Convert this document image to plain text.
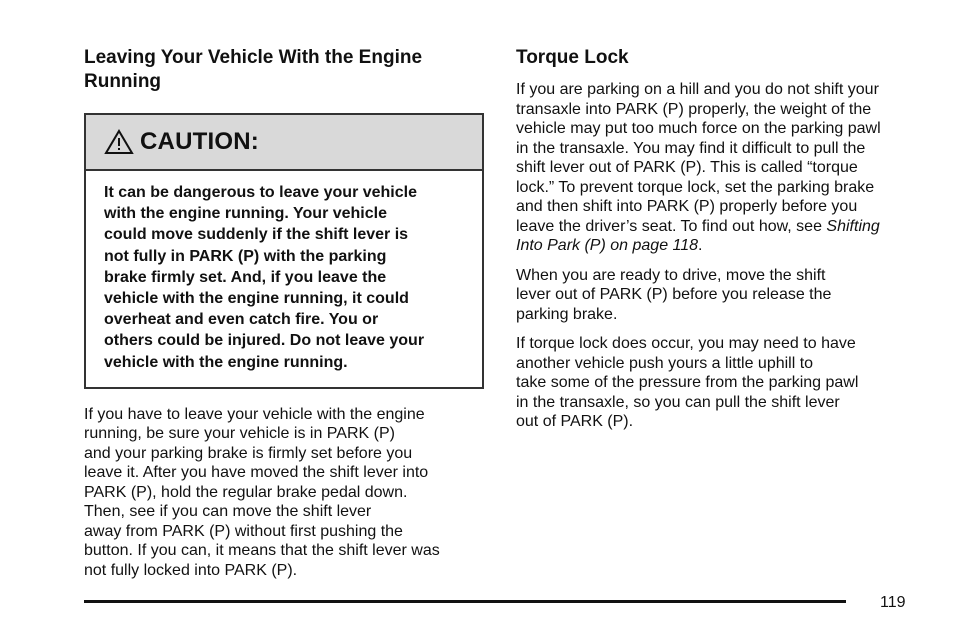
Leaving Your Vehicle With the Engine
Running
CAUTION:
It can be dangerous to leave your vehicle
with the engine running. Your vehicle
could move suddenly if the shift lever is
not fully in PARK (P) with the parking
brake firmly set. And, if you leave the
vehicle with the engine running, it could
overheat and even catch fire. You or
others could be injured. Do not leave your
vehicle with the engine running.

If you have to leave your vehicle with the engine
running, be sure your vehicle is in PARK (P)
and your parking brake is firmly set before you
leave it. After you have moved the shift lever into
PARK (P), hold the regular brake pedal down.
Then, see if you can move the shift lever
away from PARK (P) without first pushing the
button. If you can, it means that the shift lever was
not fully locked into PARK (P).

Torque Lock

If you are parking on a hill and you do not shift your
transaxle into PARK (P) properly, the weight of the
vehicle may put too much force on the parking pawl
in the transaxle. You may find it difficult to pull the
shift lever out of PARK (P). This is called “torque
lock.” To prevent torque lock, set the parking brake
and then shift into PARK (P) properly before you
leave the driver’s seat. To find out how, see Shifting
Into Park (P) on page 118.

When you are ready to drive, move the shift
lever out of PARK (P) before you release the
parking brake.

If torque lock does occur, you may need to have
another vehicle push yours a little uphill to
take some of the pressure from the parking pawl
in the transaxle, so you can pull the shift lever
out of PARK (P).

119
